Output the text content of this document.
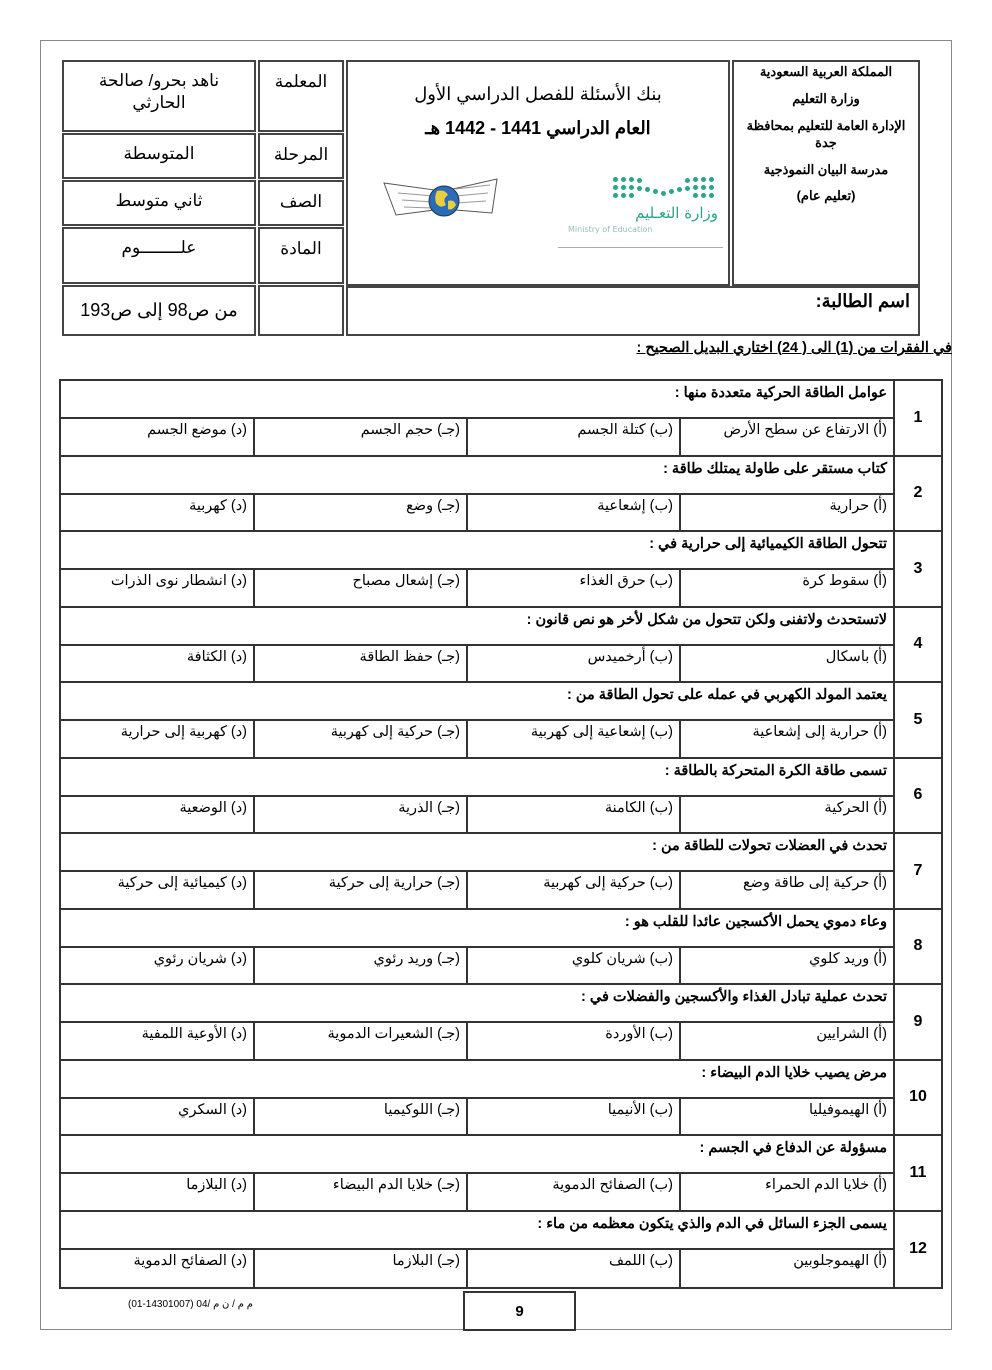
المملكة العربية السعودية
وزارة التعليم
الإدارة العامة للتعليم بمحافظة جدة
مدرسة البيان النموذجية
(تعليم عام)
بنك الأسئلة للفصل الدراسي الأول
العام الدراسي 1441 - 1442 هـ
وزارة التعـليم
Ministry of Education
المعلمة
المرحلة
الصف
المادة
ناهد بحرو/ صالحة الحارثي
المتوسطة
ثاني متوسط
علــــــــوم
من ص98 إلى ص193	اسم الطالبة:
في الفقرات من (1) الى ( 24) اختاري البديل الصحيح :
1
عوامل الطاقة الحركية متعددة منها :
(أ) الارتفاع عن سطح الأرض
(ب) كتلة الجسم
(جـ) حجم الجسم
(د) موضع الجسم
2
كتاب مستقر على طاولة يمتلك طاقة :
(أ) حرارية
(ب) إشعاعية
(جـ) وضع
(د) كهربية
3
تتحول الطاقة الكيميائية إلى حرارية في :
(أ) سقوط كرة
(ب) حرق الغذاء
(جـ) إشعال مصباح
(د) انشطار نوى الذرات
4
لاتستحدث ولاتفنى ولكن تتحول من شكل لأخر هو نص قانون :
(أ) باسكال
(ب) أرخميدس
(جـ) حفظ الطاقة
(د) الكثافة
5
يعتمد المولد الكهربي في عمله على تحول الطاقة من :
(أ) حرارية إلى إشعاعية
(ب) إشعاعية إلى كهربية
(جـ) حركية إلى كهربية
(د) كهربية إلى حرارية
6
تسمى طاقة الكرة المتحركة بالطاقة :
(أ) الحركية
(ب) الكامنة
(جـ) الذرية
(د) الوضعية
7
تحدث في العضلات تحولات للطاقة من :
(أ) حركية إلى طاقة وضع
(ب) حركية إلى كهربية
(جـ) حرارية إلى حركية
(د) كيميائية إلى حركية
8
وعاء دموي يحمل الأكسجين عائدا للقلب هو :
(أ) وريد كلوي
(ب) شريان كلوي
(جـ) وريد رئوي
(د) شريان رئوي
9
تحدث عملية تبادل الغذاء والأكسجين والفضلات في :
(أ) الشرايين
(ب) الأوردة
(جـ) الشعيرات الدموية
(د) الأوعية اللمفية
10
مرض يصيب خلايا الدم البيضاء :
(أ) الهيموفيليا
(ب) الأنيميا
(جـ) اللوكيميا
(د) السكري
11
مسؤولة عن الدفاع في الجسم :
(أ) خلايا الدم الحمراء
(ب) الصفائح الدموية
(جـ) خلايا الدم البيضاء
(د) البلازما
12
يسمى الجزء السائل في الدم والذي يتكون معظمه من ماء :
(أ) الهيموجلوبين
(ب) اللمف
(جـ) البلازما
(د) الصفائح الدموية
(01-14301007) 04/ م م / ن م	9
